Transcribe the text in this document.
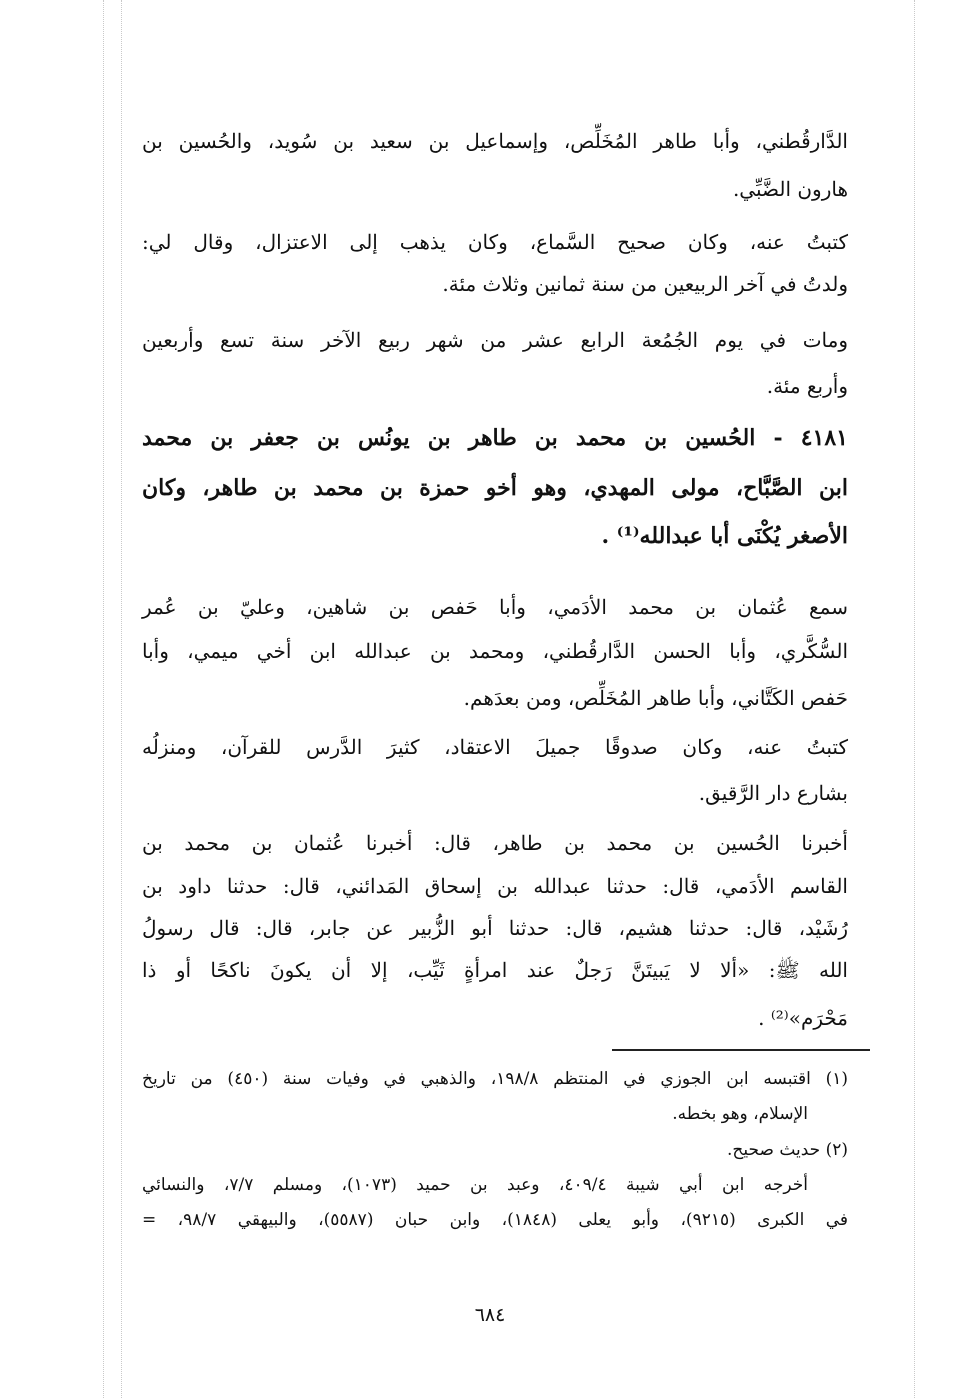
الدَّارقُطني، وأبا طاهر المُخَلِّص، وإسماعيل بن سعيد بن سُويد، والحُسين بن
هارون الضَّبِّي.
كتبتُ عنه، وكان صحيح السَّماع، وكان يذهب إلى الاعتزال، وقال لي:
ولدتُ في آخر الربيعين من سنة ثمانين وثلاث مئة.
ومات في يوم الجُمُعة الرابع عشر من شهر ربيع الآخر سنة تسع وأربعين
وأربع مئة.
٤١٨١ - الحُسين بن محمد بن طاهر بن يونُس بن جعفر بن محمد
ابن الصَّبَّاح، مولى المهدي، وهو أخو حمزة بن محمد بن طاهر، وكان
الأصغر يُكْنَى أبا عبدالله⁽¹⁾ .
سمع عُثمان بن محمد الأدَمي، وأبا حَفص بن شاهين، وعليّ بن عُمر
السُّكَّري، وأبا الحسن الدَّارقُطني، ومحمد بن عبدالله ابن أخي ميمي، وأبا
حَفص الكَتَّاني، وأبا طاهر المُخَلِّص، ومن بعدَهم.
كتبتُ عنه، وكان صدوقًا جميلَ الاعتقاد، كثيرَ الدَّرس للقرآن، ومنزلُه
بشارع دار الرَّقيق.
أخبرنا الحُسين بن محمد بن طاهر، قال: أخبرنا عُثمان بن محمد بن
القاسم الأدَمي، قال: حدثنا عبدالله بن إسحاق المَدائني، قال: حدثنا داود بن
رُشَيْد، قال: حدثنا هشيم، قال: حدثنا أبو الزُّبير عن جابر، قال: قال رسولُ
الله ﷺ: «ألا لا يَبيتَنَّ رَجلٌ عند امرأةٍ ثَيِّب، إلا أن يكونَ ناكحًا أو ذا
مَحْرَم»⁽²⁾ .
(١) اقتبسه ابن الجوزي في المنتظم ١٩٨/٨، والذهبي في وفيات سنة (٤٥٠) من تاريخ
الإسلام، وهو بخطه.
(٢) حديث صحيح.
أخرجه ابن أبي شيبة ٤٠٩/٤، وعبد بن حميد (١٠٧٣)، ومسلم ٧/٧، والنسائي
في الكبرى (٩٢١٥)، وأبو يعلى (١٨٤٨)، وابن حبان (٥٥٨٧)، والبيهقي ٩٨/٧، =
٦٨٤
